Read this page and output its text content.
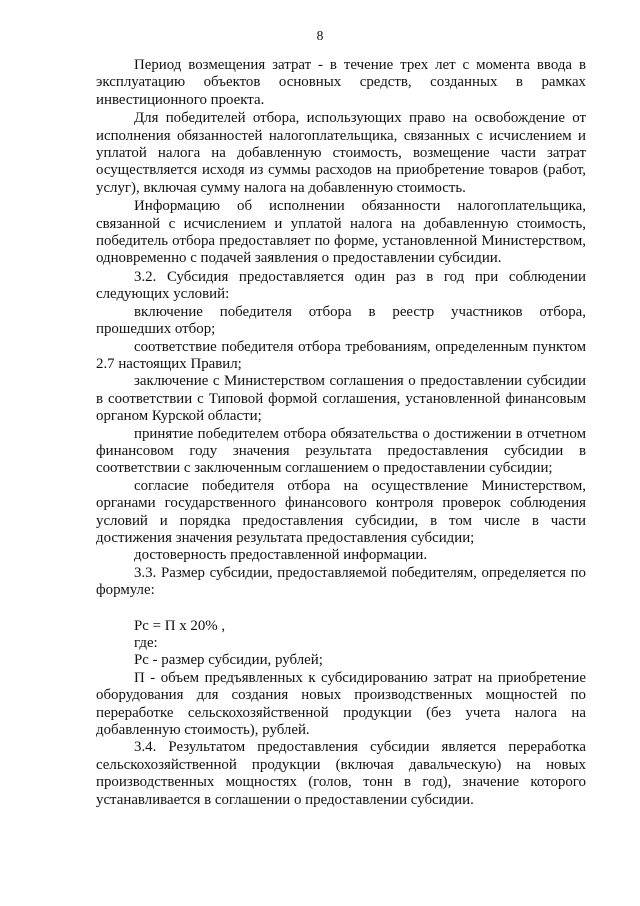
8

Период возмещения затрат - в течение трех лет с момента ввода в эксплуатацию объектов основных средств, созданных в рамках инвестиционного проекта.

Для победителей отбора, использующих право на освобождение от исполнения обязанностей налогоплательщика, связанных с исчислением и уплатой налога на добавленную стоимость, возмещение части затрат осуществляется исходя из суммы расходов на приобретение товаров (работ, услуг), включая сумму налога на добавленную стоимость.

Информацию об исполнении обязанности налогоплательщика, связанной с исчислением и уплатой налога на добавленную стоимость, победитель отбора предоставляет по форме, установленной Министерством, одновременно с подачей заявления о предоставлении субсидии.

3.2. Субсидия предоставляется один раз в год при соблюдении следующих условий:

включение победителя отбора в реестр участников отбора, прошедших отбор;

соответствие победителя отбора требованиям, определенным пунктом 2.7 настоящих Правил;

заключение с Министерством соглашения о предоставлении субсидии в соответствии с Типовой формой соглашения, установленной финансовым органом Курской области;

принятие победителем отбора обязательства о достижении в отчетном финансовом году значения результата предоставления субсидии в соответствии с заключенным соглашением о предоставлении субсидии;

согласие победителя отбора на осуществление Министерством, органами государственного финансового контроля проверок соблюдения условий и порядка предоставления субсидии, в том числе в части достижения значения результата предоставления субсидии;

достоверность предоставленной информации.

3.3. Размер субсидии, предоставляемой победителям, определяется по формуле:

Рс = П х 20% ,

где:

Рс - размер субсидии, рублей;

П - объем предъявленных к субсидированию затрат на приобретение оборудования для создания новых производственных мощностей по переработке сельскохозяйственной продукции (без учета налога на добавленную стоимость), рублей.

3.4. Результатом предоставления субсидии является переработка сельскохозяйственной продукции (включая давальческую) на новых производственных мощностях (голов, тонн в год), значение которого устанавливается в соглашении о предоставлении субсидии.
